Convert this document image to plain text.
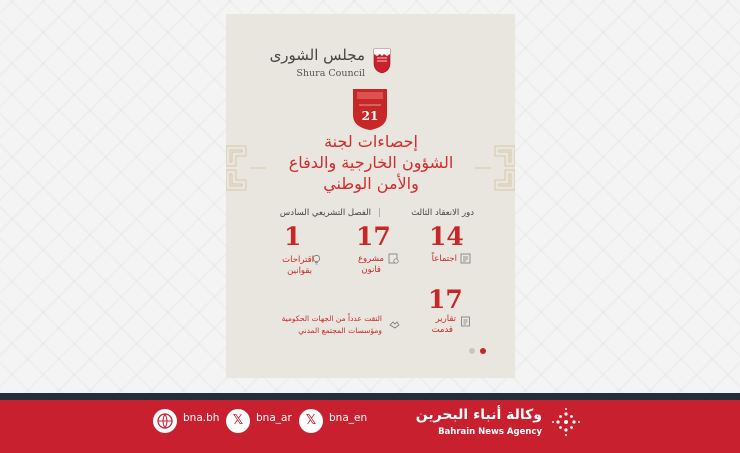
مجلس الشورى
Shura Council
21
إحصاءات لجنة
الشؤون الخارجية والدفاع
والأمن الوطني
دور الانعقاد الثالث
|
الفصل التشريعي السادس
14
اجتماعاً
17
مشروع
قانون
1
اقتراحات
بقوانين
17
تقارير
قدمت
التقت عدداً من الجهات الحكومية
ومؤسسات المجتمع المدني
bna.bh	𝕏	bna_ar	𝕏	bna_en	وكالة أنباء البحرين
Bahrain News Agency
